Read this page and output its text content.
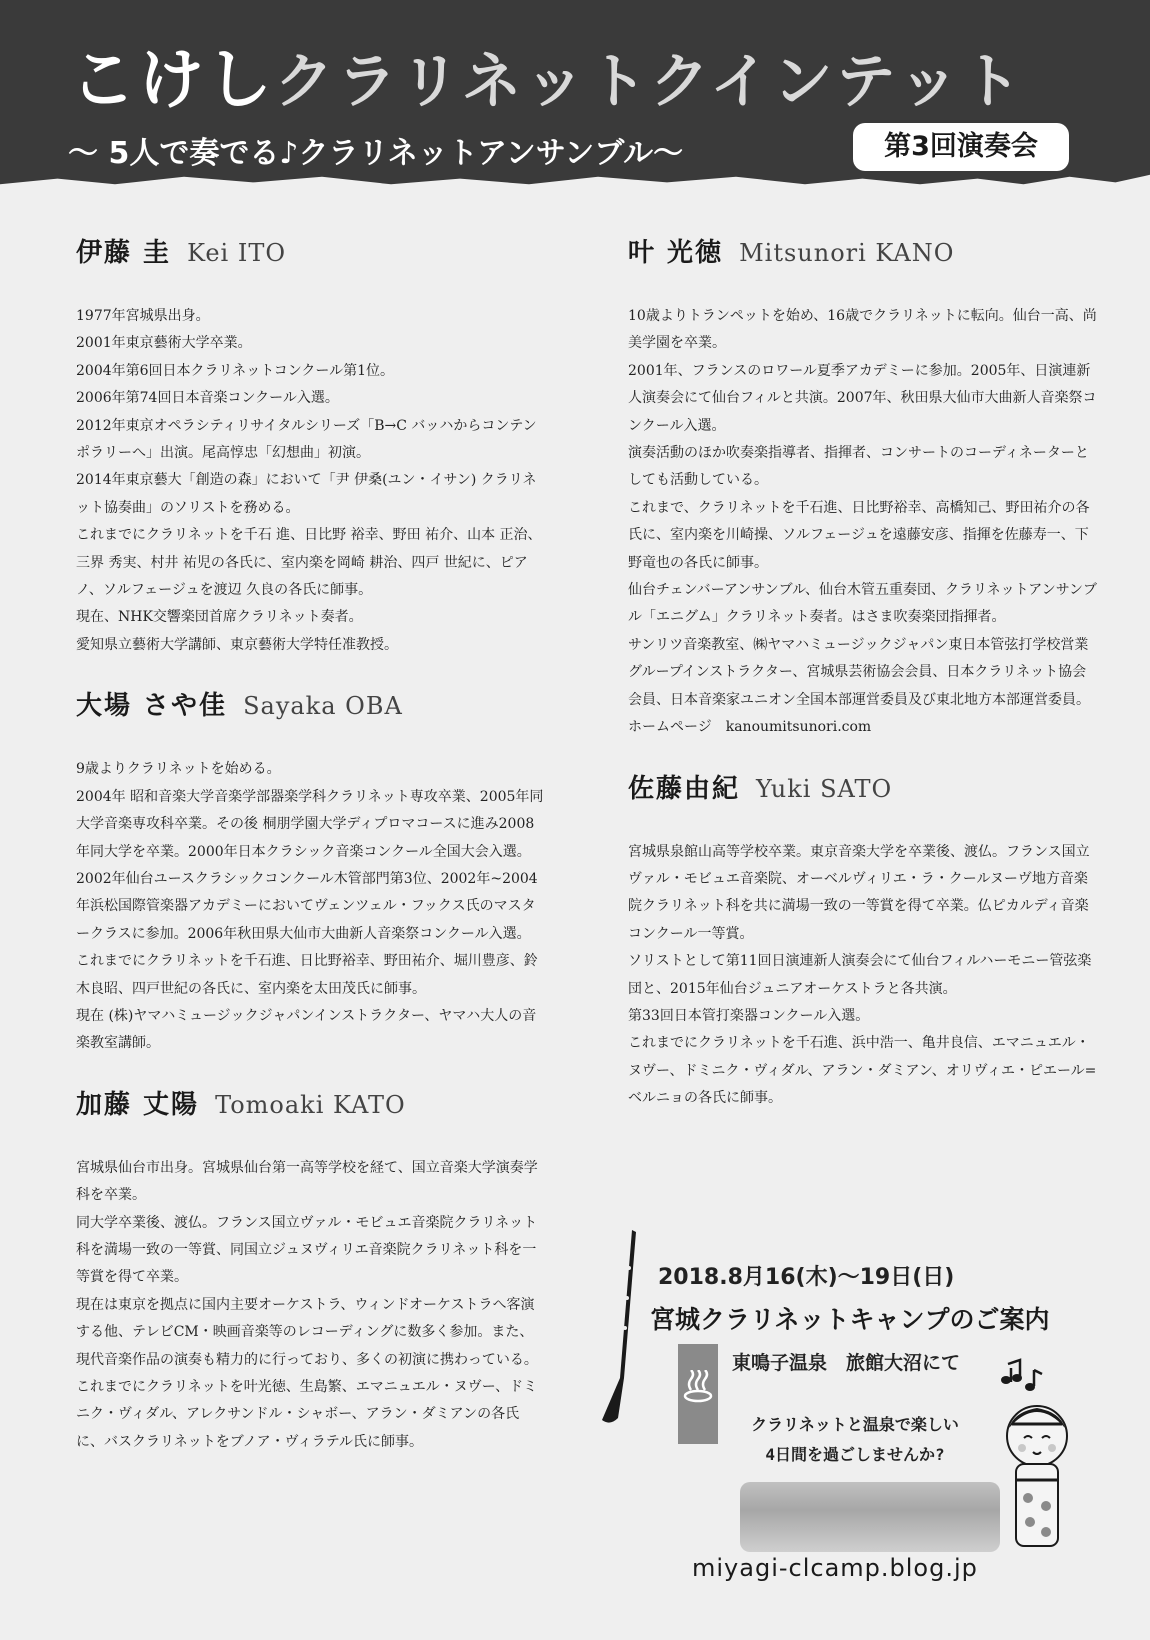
こけしクラリネットクインテット
〜 5人で奏でる♪クラリネットアンサンブル〜	第3回演奏会
伊藤 圭 Kei ITO
1977年宮城県出身。
2001年東京藝術大学卒業。
2004年第6回日本クラリネットコンクール第1位。
2006年第74回日本音楽コンクール入選。
2012年東京オペラシティリサイタルシリーズ「B→C バッハからコンテンポラリーへ」出演。尾高惇忠「幻想曲」初演。
2014年東京藝大「創造の森」において「尹 伊桑(ユン・イサン) クラリネット協奏曲」のソリストを務める。
これまでにクラリネットを千石 進、日比野 裕幸、野田 祐介、山本 正治、三界 秀実、村井 祐児の各氏に、室内楽を岡崎 耕治、四戸 世紀に、ピアノ、ソルフェージュを渡辺 久良の各氏に師事。
現在、NHK交響楽団首席クラリネット奏者。
愛知県立藝術大学講師、東京藝術大学特任准教授。
大場 さや佳 Sayaka OBA
9歳よりクラリネットを始める。
2004年 昭和音楽大学音楽学部器楽学科クラリネット専攻卒業、2005年同大学音楽専攻科卒業。その後 桐朋学園大学ディプロマコースに進み2008年同大学を卒業。2000年日本クラシック音楽コンクール全国大会入選。2002年仙台ユースクラシックコンクール木管部門第3位、2002年~2004年浜松国際管楽器アカデミーにおいてヴェンツェル・フックス氏のマスタークラスに参加。2006年秋田県大仙市大曲新人音楽祭コンクール入選。
これまでにクラリネットを千石進、日比野裕幸、野田祐介、堀川豊彦、鈴木良昭、四戸世紀の各氏に、室内楽を太田茂氏に師事。
現在 (株)ヤマハミュージックジャパンインストラクター、ヤマハ大人の音楽教室講師。
加藤 丈陽 Tomoaki KATO
宮城県仙台市出身。宮城県仙台第一高等学校を経て、国立音楽大学演奏学科を卒業。
同大学卒業後、渡仏。フランス国立ヴァル・モビュエ音楽院クラリネット科を満場一致の一等賞、同国立ジュヌヴィリエ音楽院クラリネット科を一等賞を得て卒業。
現在は東京を拠点に国内主要オーケストラ、ウィンドオーケストラへ客演する他、テレビCM・映画音楽等のレコーディングに数多く参加。また、現代音楽作品の演奏も精力的に行っており、多くの初演に携わっている。
これまでにクラリネットを叶光徳、生島繁、エマニュエル・ヌヴー、ドミニク・ヴィダル、アレクサンドル・シャボー、アラン・ダミアンの各氏に、バスクラリネットをブノア・ヴィラテル氏に師事。
叶 光徳 Mitsunori KANO
10歳よりトランペットを始め、16歳でクラリネットに転向。仙台一高、尚美学園を卒業。
2001年、フランスのロワール夏季アカデミーに参加。2005年、日演連新人演奏会にて仙台フィルと共演。2007年、秋田県大仙市大曲新人音楽祭コンクール入選。
演奏活動のほか吹奏楽指導者、指揮者、コンサートのコーディネーターとしても活動している。
これまで、クラリネットを千石進、日比野裕幸、高橋知己、野田祐介の各氏に、室内楽を川崎操、ソルフェージュを遠藤安彦、指揮を佐藤寿一、下野竜也の各氏に師事。
仙台チェンバーアンサンブル、仙台木管五重奏団、クラリネットアンサンブル「エニグム」クラリネット奏者。はさま吹奏楽団指揮者。
サンリツ音楽教室、㈱ヤマハミュージックジャパン東日本管弦打学校営業グループインストラクター、宮城県芸術協会会員、日本クラリネット協会会員、日本音楽家ユニオン全国本部運営委員及び東北地方本部運営委員。
ホームページ　kanoumitsunori.com
佐藤由紀 Yuki SATO
宮城県泉館山高等学校卒業。東京音楽大学を卒業後、渡仏。フランス国立ヴァル・モビュエ音楽院、オーベルヴィリエ・ラ・クールヌーヴ地方音楽院クラリネット科を共に満場一致の一等賞を得て卒業。仏ピカルディ音楽コンクール一等賞。
ソリストとして第11回日演連新人演奏会にて仙台フィルハーモニー管弦楽団と、2015年仙台ジュニアオーケストラと各共演。
第33回日本管打楽器コンクール入選。
これまでにクラリネットを千石進、浜中浩一、亀井良信、エマニュエル・ヌヴー、ドミニク・ヴィダル、アラン・ダミアン、オリヴィエ・ピエール=ベルニョの各氏に師事。
2018.8月16(木)〜19日(日)
宮城クラリネットキャンプのご案内
東鳴子温泉　旅館大沼にて
クラリネットと温泉で楽しい
4日間を過ごしませんか?
miyagi-clcamp.blog.jp
